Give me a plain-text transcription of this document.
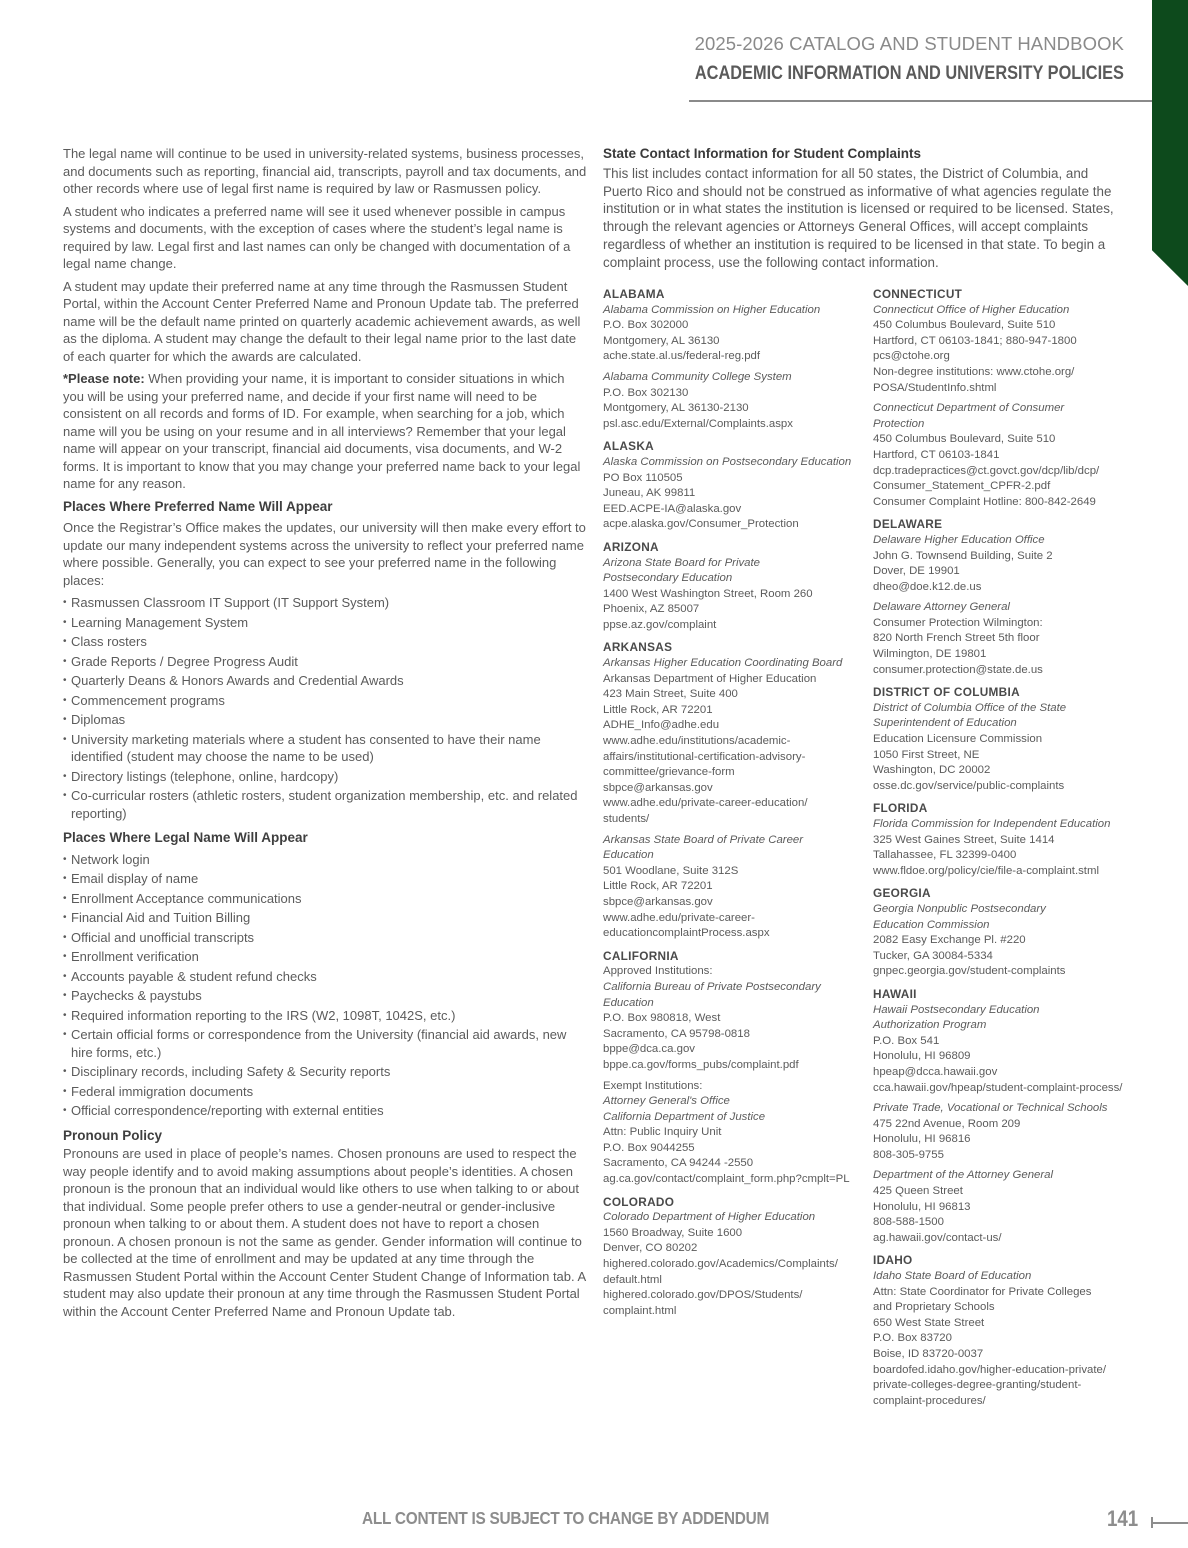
2025-2026 CATALOG AND STUDENT HANDBOOK
ACADEMIC INFORMATION AND UNIVERSITY POLICIES

The legal name will continue to be used in university-related systems, business processes, and documents such as reporting, financial aid, transcripts, payroll and tax documents, and other records where use of legal first name is required by law or Rasmussen policy.

A student who indicates a preferred name will see it used whenever possible in campus systems and documents, with the exception of cases where the student’s legal name is required by law. Legal first and last names can only be changed with documentation of a legal name change.

A student may update their preferred name at any time through the Rasmussen Student Portal, within the Account Center Preferred Name and Pronoun Update tab. The preferred name will be the default name printed on quarterly academic achievement awards, as well as the diploma. A student may change the default to their legal name prior to the last date of each quarter for which the awards are calculated.

*Please note: When providing your name, it is important to consider situations in which you will be using your preferred name, and decide if your first name will need to be consistent on all records and forms of ID. For example, when searching for a job, which name will you be using on your resume and in all interviews? Remember that your legal name will appear on your transcript, financial aid documents, visa documents, and W-2 forms. It is important to know that you may change your preferred name back to your legal name for any reason.

Places Where Preferred Name Will Appear

Once the Registrar’s Office makes the updates, our university will then make every effort to update our many independent systems across the university to reflect your preferred name where possible. Generally, you can expect to see your preferred name in the following places:

• Rasmussen Classroom IT Support (IT Support System)
• Learning Management System
• Class rosters
• Grade Reports / Degree Progress Audit
• Quarterly Deans & Honors Awards and Credential Awards
• Commencement programs
• Diplomas
• University marketing materials where a student has consented to have their name identified (student may choose the name to be used)
• Directory listings (telephone, online, hardcopy)
• Co-curricular rosters (athletic rosters, student organization membership, etc. and related reporting)
Places Where Legal Name Will Appear
• Network login
• Email display of name
• Enrollment Acceptance communications
• Financial Aid and Tuition Billing
• Official and unofficial transcripts
• Enrollment verification
• Accounts payable & student refund checks
• Paychecks & paystubs
• Required information reporting to the IRS (W2, 1098T, 1042S, etc.)
• Certain official forms or correspondence from the University (financial aid awards, new hire forms, etc.)
• Disciplinary records, including Safety & Security reports
• Federal immigration documents
• Official correspondence/reporting with external entities
Pronoun Policy

Pronouns are used in place of people’s names. Chosen pronouns are used to respect the way people identify and to avoid making assumptions about people’s identities. A chosen pronoun is the pronoun that an individual would like others to use when talking to or about that individual. Some people prefer others to use a gender-neutral or gender-inclusive pronoun when talking to or about them. A student does not have to report a chosen pronoun. A chosen pronoun is not the same as gender. Gender information will continue to be collected at the time of enrollment and may be updated at any time through the Rasmussen Student Portal within the Account Center Student Change of Information tab. A student may also update their pronoun at any time through the Rasmussen Student Portal within the Account Center Preferred Name and Pronoun Update tab.

State Contact Information for Student Complaints

This list includes contact information for all 50 states, the District of Columbia, and Puerto Rico and should not be construed as informative of what agencies regulate the institution or in what states the institution is licensed or required to be licensed. States, through the relevant agencies or Attorneys General Offices, will accept complaints regardless of whether an institution is required to be licensed in that state. To begin a complaint process, use the following contact information.

ALABAMA
Alabama Commission on Higher Education
P.O. Box 302000
Montgomery, AL 36130
ache.state.al.us/federal-reg.pdf
Alabama Community College System
P.O. Box 302130
Montgomery, AL 36130-2130
psl.asc.edu/External/Complaints.aspx
ALASKA
Alaska Commission on Postsecondary Education
PO Box 110505
Juneau, AK 99811
EED.ACPE-IA@alaska.gov
acpe.alaska.gov/Consumer_Protection
ARIZONA
Arizona State Board for Private
Postsecondary Education
1400 West Washington Street, Room 260
Phoenix, AZ 85007
ppse.az.gov/complaint
ARKANSAS
Arkansas Higher Education Coordinating Board
Arkansas Department of Higher Education
423 Main Street, Suite 400
Little Rock, AR 72201
ADHE_Info@adhe.edu
www.adhe.edu/institutions/academic-
affairs/institutional-certification-advisory-
committee/grievance-form
sbpce@arkansas.gov
www.adhe.edu/private-career-education/
students/
Arkansas State Board of Private Career
Education
501 Woodlane, Suite 312S
Little Rock, AR 72201
sbpce@arkansas.gov
www.adhe.edu/private-career-
educationcomplaintProcess.aspx
CALIFORNIA
Approved Institutions:
California Bureau of Private Postsecondary
Education
P.O. Box 980818, West
Sacramento, CA 95798-0818
bppe@dca.ca.gov
bppe.ca.gov/forms_pubs/complaint.pdf
Exempt Institutions:
Attorney General's Office
California Department of Justice
Attn: Public Inquiry Unit
P.O. Box 9044255
Sacramento, CA 94244 -2550
ag.ca.gov/contact/complaint_form.php?cmplt=PL
COLORADO
Colorado Department of Higher Education
1560 Broadway, Suite 1600
Denver, CO 80202
highered.colorado.gov/Academics/Complaints/
default.html
highered.colorado.gov/DPOS/Students/
complaint.html
CONNECTICUT
Connecticut Office of Higher Education
450 Columbus Boulevard, Suite 510
Hartford, CT 06103-1841; 880-947-1800
pcs@ctohe.org
Non-degree institutions: www.ctohe.org/
POSA/StudentInfo.shtml
Connecticut Department of Consumer
Protection
450 Columbus Boulevard, Suite 510
Hartford, CT 06103-1841
dcp.tradepractices@ct.govct.gov/dcp/lib/dcp/
Consumer_Statement_CPFR-2.pdf
Consumer Complaint Hotline: 800-842-2649
DELAWARE
Delaware Higher Education Office
John G. Townsend Building, Suite 2
Dover, DE 19901
dheo@doe.k12.de.us
Delaware Attorney General
Consumer Protection Wilmington:
820 North French Street 5th floor
Wilmington, DE 19801
consumer.protection@state.de.us
DISTRICT OF COLUMBIA
District of Columbia Office of the State
Superintendent of Education
Education Licensure Commission
1050 First Street, NE
Washington, DC 20002
osse.dc.gov/service/public-complaints
FLORIDA
Florida Commission for Independent Education
325 West Gaines Street, Suite 1414
Tallahassee, FL 32399-0400
www.fldoe.org/policy/cie/file-a-complaint.stml
GEORGIA
Georgia Nonpublic Postsecondary
Education Commission
2082 Easy Exchange Pl. #220
Tucker, GA 30084-5334
gnpec.georgia.gov/student-complaints
HAWAII
Hawaii Postsecondary Education
Authorization Program
P.O. Box 541
Honolulu, HI 96809
hpeap@dcca.hawaii.gov
cca.hawaii.gov/hpeap/student-complaint-process/
Private Trade, Vocational or Technical Schools
475 22nd Avenue, Room 209
Honolulu, HI 96816
808-305-9755
Department of the Attorney General
425 Queen Street
Honolulu, HI 96813
808-588-1500
ag.hawaii.gov/contact-us/
IDAHO
Idaho State Board of Education
Attn: State Coordinator for Private Colleges
and Proprietary Schools
650 West State Street
P.O. Box 83720
Boise, ID 83720-0037
boardofed.idaho.gov/higher-education-private/
private-colleges-degree-granting/student-
complaint-procedures/
ALL CONTENT IS SUBJECT TO CHANGE BY ADDENDUM	141
